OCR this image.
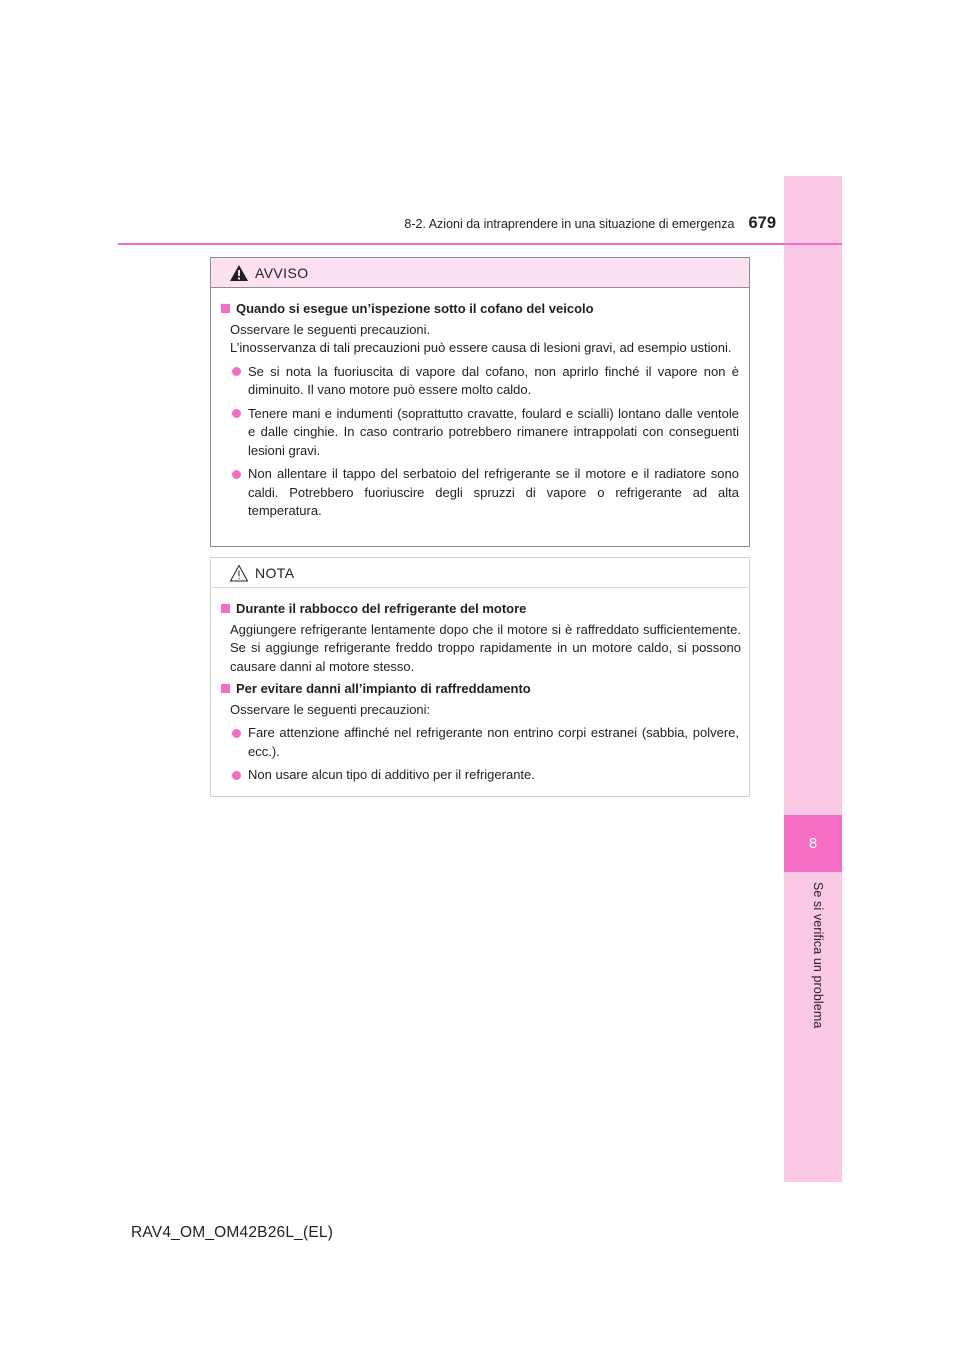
8
Se si verifica un problema
8-2. Azioni da intraprendere in una situazione di emergenza 679
AVVISO
Quando si esegue un’ispezione sotto il cofano del veicolo

Osservare le seguenti precauzioni.

L’inosservanza di tali precauzioni può essere causa di lesioni gravi, ad esempio ustioni.

Se si nota la fuoriuscita di vapore dal cofano, non aprirlo finché il vapore non è diminuito. Il vano motore può essere molto caldo.
Tenere mani e indumenti (soprattutto cravatte, foulard e scialli) lontano dalle ventole e dalle cinghie. In caso contrario potrebbero rimanere intrappolati con conseguenti lesioni gravi.
Non allentare il tappo del serbatoio del refrigerante se il motore e il radiatore sono caldi. Potrebbero fuoriuscire degli spruzzi di vapore o refrigerante ad alta temperatura.
NOTA
Durante il rabbocco del refrigerante del motore

Aggiungere refrigerante lentamente dopo che il motore si è raffreddato sufficientemente. Se si aggiunge refrigerante freddo troppo rapidamente in un motore caldo, si possono causare danni al motore stesso.

Per evitare danni all’impianto di raffreddamento

Osservare le seguenti precauzioni:

Fare attenzione affinché nel refrigerante non entrino corpi estranei (sabbia, polvere, ecc.).
Non usare alcun tipo di additivo per il refrigerante.
RAV4_OM_OM42B26L_(EL)
